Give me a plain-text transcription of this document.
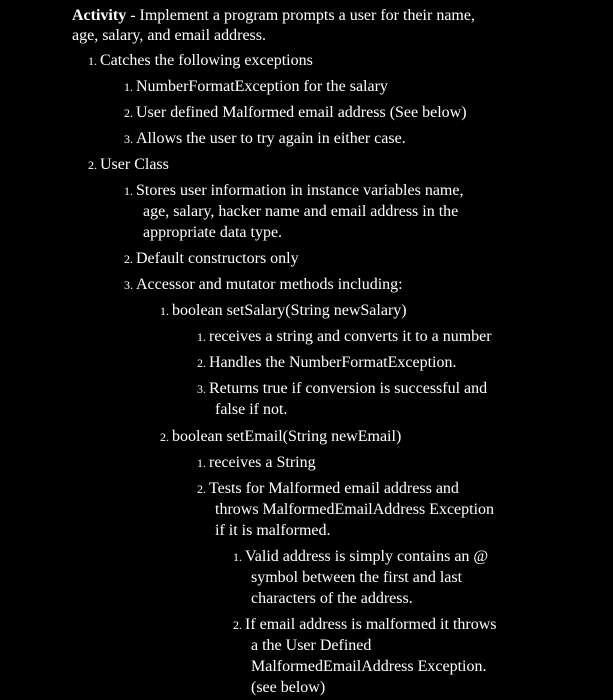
Activity - Implement a program prompts a user for their name,
age, salary, and email address.
1. Catches the following exceptions
1. NumberFormatException for the salary
2. User defined Malformed email address (See below)
3. Allows the user to try again in either case.
2. User Class
1. Stores user information in instance variables name,
age, salary, hacker name and email address in the
appropriate data type.
2. Default constructors only
3. Accessor and mutator methods including:
1. boolean setSalary(String newSalary)
1. receives a string and converts it to a number
2. Handles the NumberFormatException.
3. Returns true if conversion is successful and
false if not.
2. boolean setEmail(String newEmail)
1. receives a String
2. Tests for Malformed email address and
throws MalformedEmailAddress Exception
if it is malformed.
1. Valid address is simply contains an @
symbol between the first and last
characters of the address.
2. If email address is malformed it throws
a the User Defined
MalformedEmailAddress Exception.
(see below)
